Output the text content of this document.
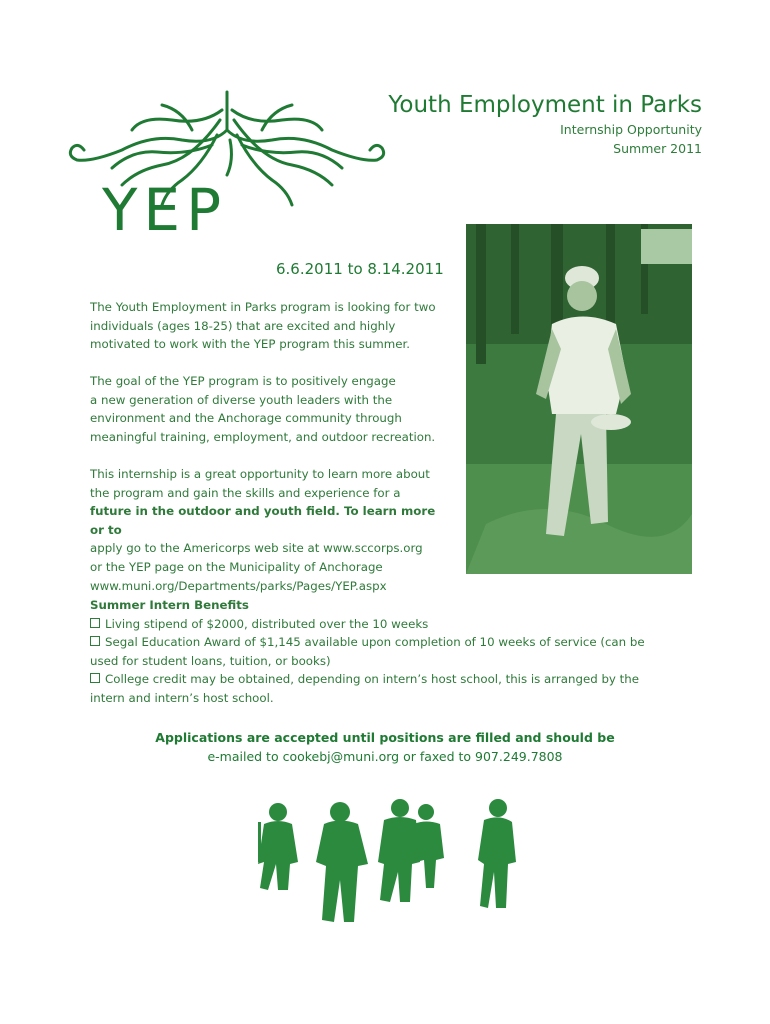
YEP
Youth Employment in Parks
Internship Opportunity
Summer 2011
6.6.2011 to 8.14.2011

The Youth Employment in Parks program is looking for two

individuals (ages 18-25) that are excited and highly

motivated to work with the YEP program this summer.

The goal of the YEP program is to positively engage

a new generation of diverse youth leaders with the

environment and the Anchorage community through

meaningful training, employment, and outdoor recreation.

This internship is a great opportunity to learn more about

the program and gain the skills and experience for a

future in the outdoor and youth field. To learn more or to

apply go to the Americorps web site at www.sccorps.org

or the YEP page on the Municipality of Anchorage

www.muni.org/Departments/parks/Pages/YEP.aspx

Summer Intern Benefits

Living stipend of $2000, distributed over the 10 weeks

Segal Education Award of $1,145 available upon completion of 10 weeks of service (can be

used for student loans, tuition, or books)

College credit may be obtained, depending on intern’s host school, this is arranged by the

intern and intern’s host school.

Applications are accepted until positions are filled and should be
e-mailed to cookebj@muni.org or faxed to 907.249.7808
